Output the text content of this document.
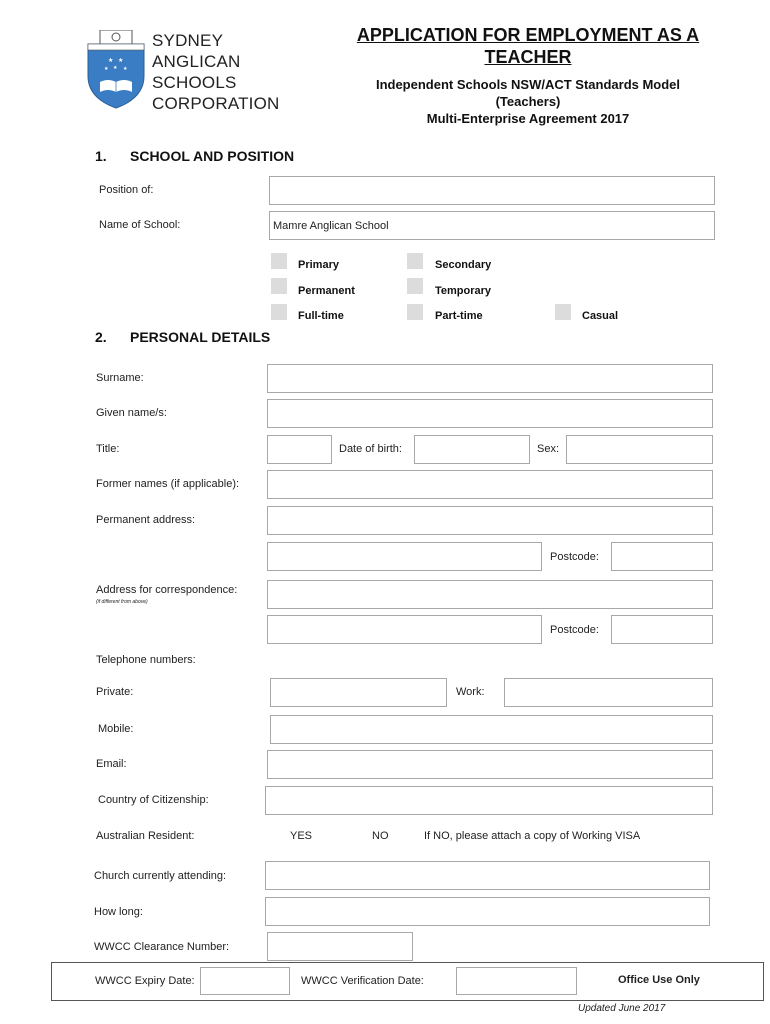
★ ★
★
★	★
SYDNEY
ANGLICAN
SCHOOLS
CORPORATION
APPLICATION FOR EMPLOYMENT AS A
TEACHER
Independent Schools NSW/ACT Standards Model
(Teachers)
Multi-Enterprise Agreement 2017
1. SCHOOL AND POSITION
Position of:
Name of School:	Mamre Anglican School
Primary	Secondary
Permanent	Temporary
Full-time	Part-time	Casual
2. PERSONAL DETAILS
Surname:
Given name/s:
Title:	Date of birth:	Sex:
Former names (if applicable):
Permanent address:
Postcode:
Address for correspondence:
(if different from above)
Postcode:
Telephone numbers:
Private:	Work:
Mobile:
Email:
Country of Citizenship:
Australian Resident:	YES	NO	If NO, please attach a copy of Working VISA
Church currently attending:
How long:
WWCC Clearance Number:
WWCC Expiry Date:	WWCC Verification Date:	Office Use Only
Updated June 2017
